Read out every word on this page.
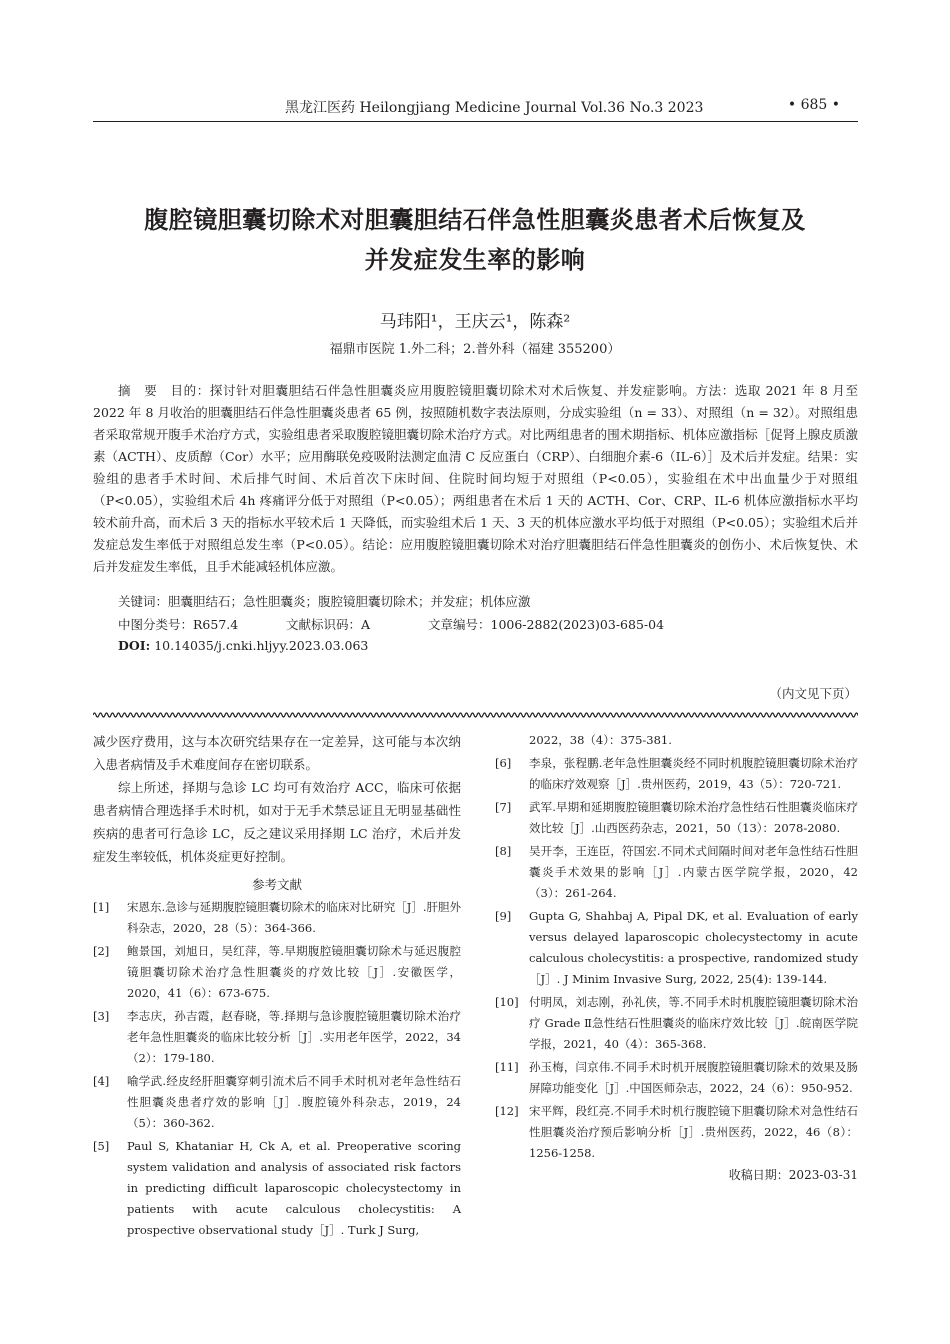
黑龙江医药 Heilongjiang Medicine Journal Vol.36 No.3 2023	• 685 •
腹腔镜胆囊切除术对胆囊胆结石伴急性胆囊炎患者术后恢复及
并发症发生率的影响
马玮阳¹，王庆云¹，陈森²
福鼎市医院 1.外二科；2.普外科（福建 355200）

摘　要　目的：探讨针对胆囊胆结石伴急性胆囊炎应用腹腔镜胆囊切除术对术后恢复、并发症影响。方法：选取 2021 年 8 月至 2022 年 8 月收治的胆囊胆结石伴急性胆囊炎患者 65 例，按照随机数字表法原则，分成实验组（n = 33）、对照组（n = 32）。对照组患者采取常规开腹手术治疗方式，实验组患者采取腹腔镜胆囊切除术治疗方式。对比两组患者的围术期指标、机体应激指标［促肾上腺皮质激素（ACTH）、皮质醇（Cor）水平；应用酶联免疫吸附法测定血清 C 反应蛋白（CRP）、白细胞介素-6（IL-6）］及术后并发症。结果：实验组的患者手术时间、术后排气时间、术后首次下床时间、住院时间均短于对照组（P<0.05），实验组在术中出血量少于对照组（P<0.05），实验组术后 4h 疼痛评分低于对照组（P<0.05）；两组患者在术后 1 天的 ACTH、Cor、CRP、IL-6 机体应激指标水平均较术前升高，而术后 3 天的指标水平较术后 1 天降低，而实验组术后 1 天、3 天的机体应激水平均低于对照组（P<0.05）；实验组术后并发症总发生率低于对照组总发生率（P<0.05）。结论：应用腹腔镜胆囊切除术对治疗胆囊胆结石伴急性胆囊炎的创伤小、术后恢复快、术后并发症发生率低，且手术能减轻机体应激。

关键词：胆囊胆结石；急性胆囊炎；腹腔镜胆囊切除术；并发症；机体应激
中图分类号：R657.4	文献标识码：A	文章编号：1006-2882(2023)03-685-04
DOI: 10.14035/j.cnki.hljyy.2023.03.063
（内文见下页）

减少医疗费用，这与本次研究结果存在一定差异，这可能与本次纳入患者病情及手术难度间存在密切联系。

综上所述，择期与急诊 LC 均可有效治疗 ACC，临床可依据患者病情合理选择手术时机，如对于无手术禁忌证且无明显基础性疾病的患者可行急诊 LC，反之建议采用择期 LC 治疗，术后并发症发生率较低，机体炎症更好控制。

参考文献
[1]	宋恩东.急诊与延期腹腔镜胆囊切除术的临床对比研究［J］.肝胆外科杂志，2020，28（5）：364-366.
[2]	鲍景国，刘旭日，吴红萍，等.早期腹腔镜胆囊切除术与延迟腹腔镜胆囊切除术治疗急性胆囊炎的疗效比较［J］.安徽医学，2020，41（6）：673-675.
[3]	李志庆，孙吉霞，赵春晓，等.择期与急诊腹腔镜胆囊切除术治疗老年急性胆囊炎的临床比较分析［J］.实用老年医学，2022，34（2）：179-180.
[4]	喻学武.经皮经肝胆囊穿刺引流术后不同手术时机对老年急性结石性胆囊炎患者疗效的影响［J］.腹腔镜外科杂志，2019，24（5）：360-362.
[5]	Paul S, Khataniar H, Ck A, et al. Preoperative scoring system validation and analysis of associated risk factors in predicting difficult laparoscopic cholecystectomy in patients with acute calculous cholecystitis: A prospective observational study［J］. Turk J Surg,
2022，38（4）：375-381.
[6]	李泉，张程鹏.老年急性胆囊炎经不同时机腹腔镜胆囊切除术治疗的临床疗效观察［J］.贵州医药，2019，43（5）：720-721.
[7]	武军.早期和延期腹腔镜胆囊切除术治疗急性结石性胆囊炎临床疗效比较［J］.山西医药杂志，2021，50（13）：2078-2080.
[8]	吴开李，王连臣，符国宏.不同术式间隔时间对老年急性结石性胆囊炎手术效果的影响［J］.内蒙古医学院学报，2020，42（3）：261-264.
[9]	Gupta G, Shahbaj A, Pipal DK, et al. Evaluation of early versus delayed laparoscopic cholecystectomy in acute calculous cholecystitis: a prospective, randomized study［J］. J Minim Invasive Surg, 2022, 25(4): 139-144.
[10] 付明凤，刘志刚，孙礼侠，等.不同手术时机腹腔镜胆囊切除术治疗 Grade Ⅱ急性结石性胆囊炎的临床疗效比较［J］.皖南医学院学报，2021，40（4）：365-368.
[11] 孙玉梅，闫京伟.不同手术时机开展腹腔镜胆囊切除术的效果及肠屏障功能变化［J］.中国医师杂志，2022，24（6）：950-952.
[12] 宋平辉，段红亮.不同手术时机行腹腔镜下胆囊切除术对急性结石性胆囊炎治疗预后影响分析［J］.贵州医药，2022，46（8）：1256-1258.
收稿日期：2023-03-31
